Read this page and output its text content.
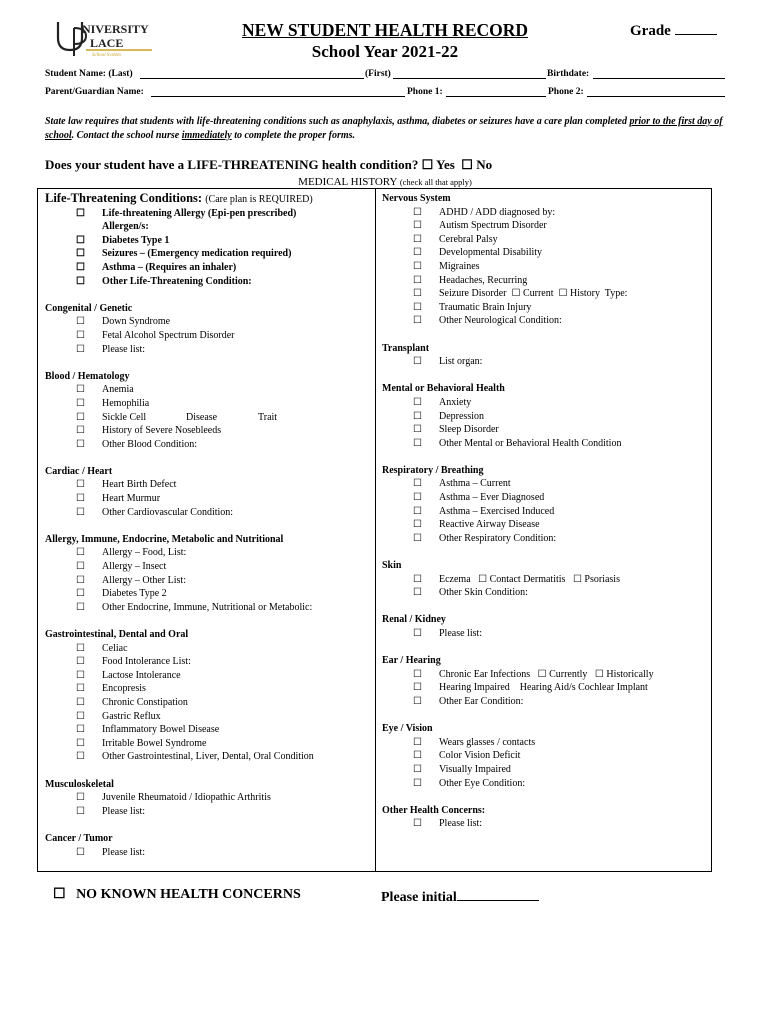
NIVERSITY
LACE
School System
NEW STUDENT HEALTH RECORD
School Year 2021-22
Grade
Student Name: (Last)	(First)	Birthdate:
Parent/Guardian Name:	Phone 1:	Phone 2:
State law requires that students with life-threatening conditions such as anaphylaxis, asthma, diabetes or seizures have a care plan completed prior to the first day of school. Contact the school nurse immediately to complete the proper forms.
Does your student have a LIFE-THREATENING health condition? ☐ Yes ☐ No
MEDICAL HISTORY (check all that apply)
Life-Threatening Conditions: (Care plan is REQUIRED)
☐ Life-threatening Allergy (Epi-pen prescribed)
Allergen/s:
☐ Diabetes Type 1
☐ Seizures – (Emergency medication required)
☐ Asthma – (Requires an inhaler)
☐ Other Life-Threatening Condition:
Congenital / Genetic
☐ Down Syndrome
☐ Fetal Alcohol Spectrum Disorder
☐ Please list:
Blood / Hematology
☐ Anemia
☐ Hemophilia
☐ Sickle Cell	Disease	Trait
☐ History of Severe Nosebleeds
☐ Other Blood Condition:
Cardiac / Heart
☐ Heart Birth Defect
☐ Heart Murmur
☐ Other Cardiovascular Condition:
Allergy, Immune, Endocrine, Metabolic and Nutritional
☐ Allergy – Food, List:
☐ Allergy – Insect
☐ Allergy – Other List:
☐ Diabetes Type 2
☐ Other Endocrine, Immune, Nutritional or Metabolic:
Gastrointestinal, Dental and Oral
☐ Celiac
☐ Food Intolerance List:
☐ Lactose Intolerance
☐ Encopresis
☐ Chronic Constipation
☐ Gastric Reflux
☐ Inflammatory Bowel Disease
☐ Irritable Bowel Syndrome
☐ Other Gastrointestinal, Liver, Dental, Oral Condition
Musculoskeletal
☐ Juvenile Rheumatoid / Idiopathic Arthritis
☐ Please list:
Cancer / Tumor
☐ Please list:
Nervous System
☐ ADHD / ADD diagnosed by:
☐ Autism Spectrum Disorder
☐ Cerebral Palsy
☐ Developmental Disability
☐ Migraines
☐ Headaches, Recurring
☐ Seizure Disorder ☐ Current ☐ History Type:
☐ Traumatic Brain Injury
☐ Other Neurological Condition:
Transplant
☐ List organ:
Mental or Behavioral Health
☐ Anxiety
☐ Depression
☐ Sleep Disorder
☐ Other Mental or Behavioral Health Condition
Respiratory / Breathing
☐ Asthma – Current
☐ Asthma – Ever Diagnosed
☐ Asthma – Exercised Induced
☐ Reactive Airway Disease
☐ Other Respiratory Condition:
Skin
☐ Eczema ☐ Contact Dermatitis ☐ Psoriasis
☐ Other Skin Condition:
Renal / Kidney
☐ Please list:
Ear / Hearing
☐ Chronic Ear Infections ☐ Currently ☐ Historically
☐ Hearing Impaired    Hearing Aid/s Cochlear Implant
☐ Other Ear Condition:
Eye / Vision
☐ Wears glasses / contacts
☐ Color Vision Deficit
☐ Visually Impaired
☐ Other Eye Condition:
Other Health Concerns:
☐ Please list:
☐ NO KNOWN HEALTH CONCERNS	Please initial
